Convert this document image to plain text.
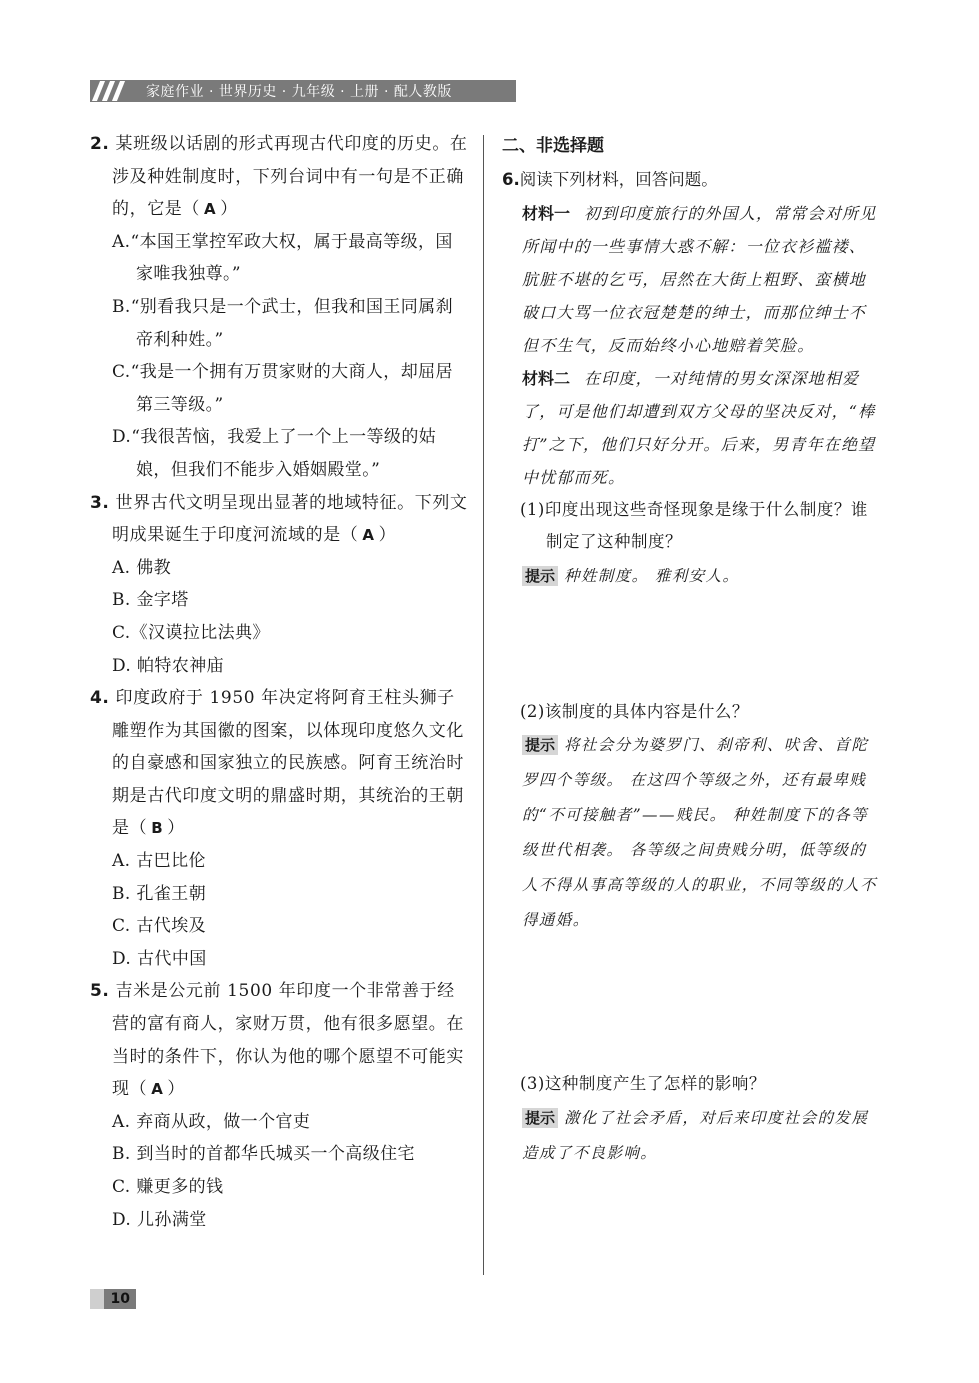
家庭作业 · 世界历史 · 九年级 · 上册 · 配人教版
2. 某班级以话剧的形式再现古代印度的历史。在涉及种姓制度时，下列台词中有一句是不正确的，它是（ A ）
A.“本国王掌控军政大权，属于最高等级，国家唯我独尊。”
B.“别看我只是一个武士，但我和国王同属刹帝利种姓。”
C.“我是一个拥有万贯家财的大商人，却屈居第三等级。”
D.“我很苦恼，我爱上了一个上一等级的姑娘，但我们不能步入婚姻殿堂。”
3. 世界古代文明呈现出显著的地域特征。下列文明成果诞生于印度河流域的是（ A ）
A. 佛教
B. 金字塔
C.《汉谟拉比法典》
D. 帕特农神庙
4. 印度政府于 1950 年决定将阿育王柱头狮子雕塑作为其国徽的图案，以体现印度悠久文化的自豪感和国家独立的民族感。阿育王统治时期是古代印度文明的鼎盛时期，其统治的王朝是（ B ）
A. 古巴比伦
B. 孔雀王朝
C. 古代埃及
D. 古代中国
5. 吉米是公元前 1500 年印度一个非常善于经营的富有商人，家财万贯，他有很多愿望。在当时的条件下，你认为他的哪个愿望不可能实现（ A ）
A. 弃商从政，做一个官吏
B. 到当时的首都华氏城买一个高级住宅
C. 赚更多的钱
D. 儿孙满堂
二、非选择题
6.阅读下列材料，回答问题。
材料一 初到印度旅行的外国人，常常会对所见所闻中的一些事情大惑不解：一位衣衫褴褛、肮脏不堪的乞丐，居然在大街上粗野、蛮横地破口大骂一位衣冠楚楚的绅士，而那位绅士不但不生气，反而始终小心地赔着笑脸。
材料二 在印度，一对纯情的男女深深地相爱了，可是他们却遭到双方父母的坚决反对，“棒打”之下，他们只好分开。后来，男青年在绝望中忧郁而死。
(1)印度出现这些奇怪现象是缘于什么制度？谁制定了这种制度？
提示 种姓制度。 雅利安人。
(2)该制度的具体内容是什么？
提示 将社会分为婆罗门、刹帝利、吠舍、首陀罗四个等级。 在这四个等级之外，还有最卑贱的“不可接触者”——贱民。 种姓制度下的各等级世代相袭。 各等级之间贵贱分明，低等级的人不得从事高等级的人的职业，不同等级的人不得通婚。
(3)这种制度产生了怎样的影响？
提示 激化了社会矛盾，对后来印度社会的发展造成了不良影响。
10
